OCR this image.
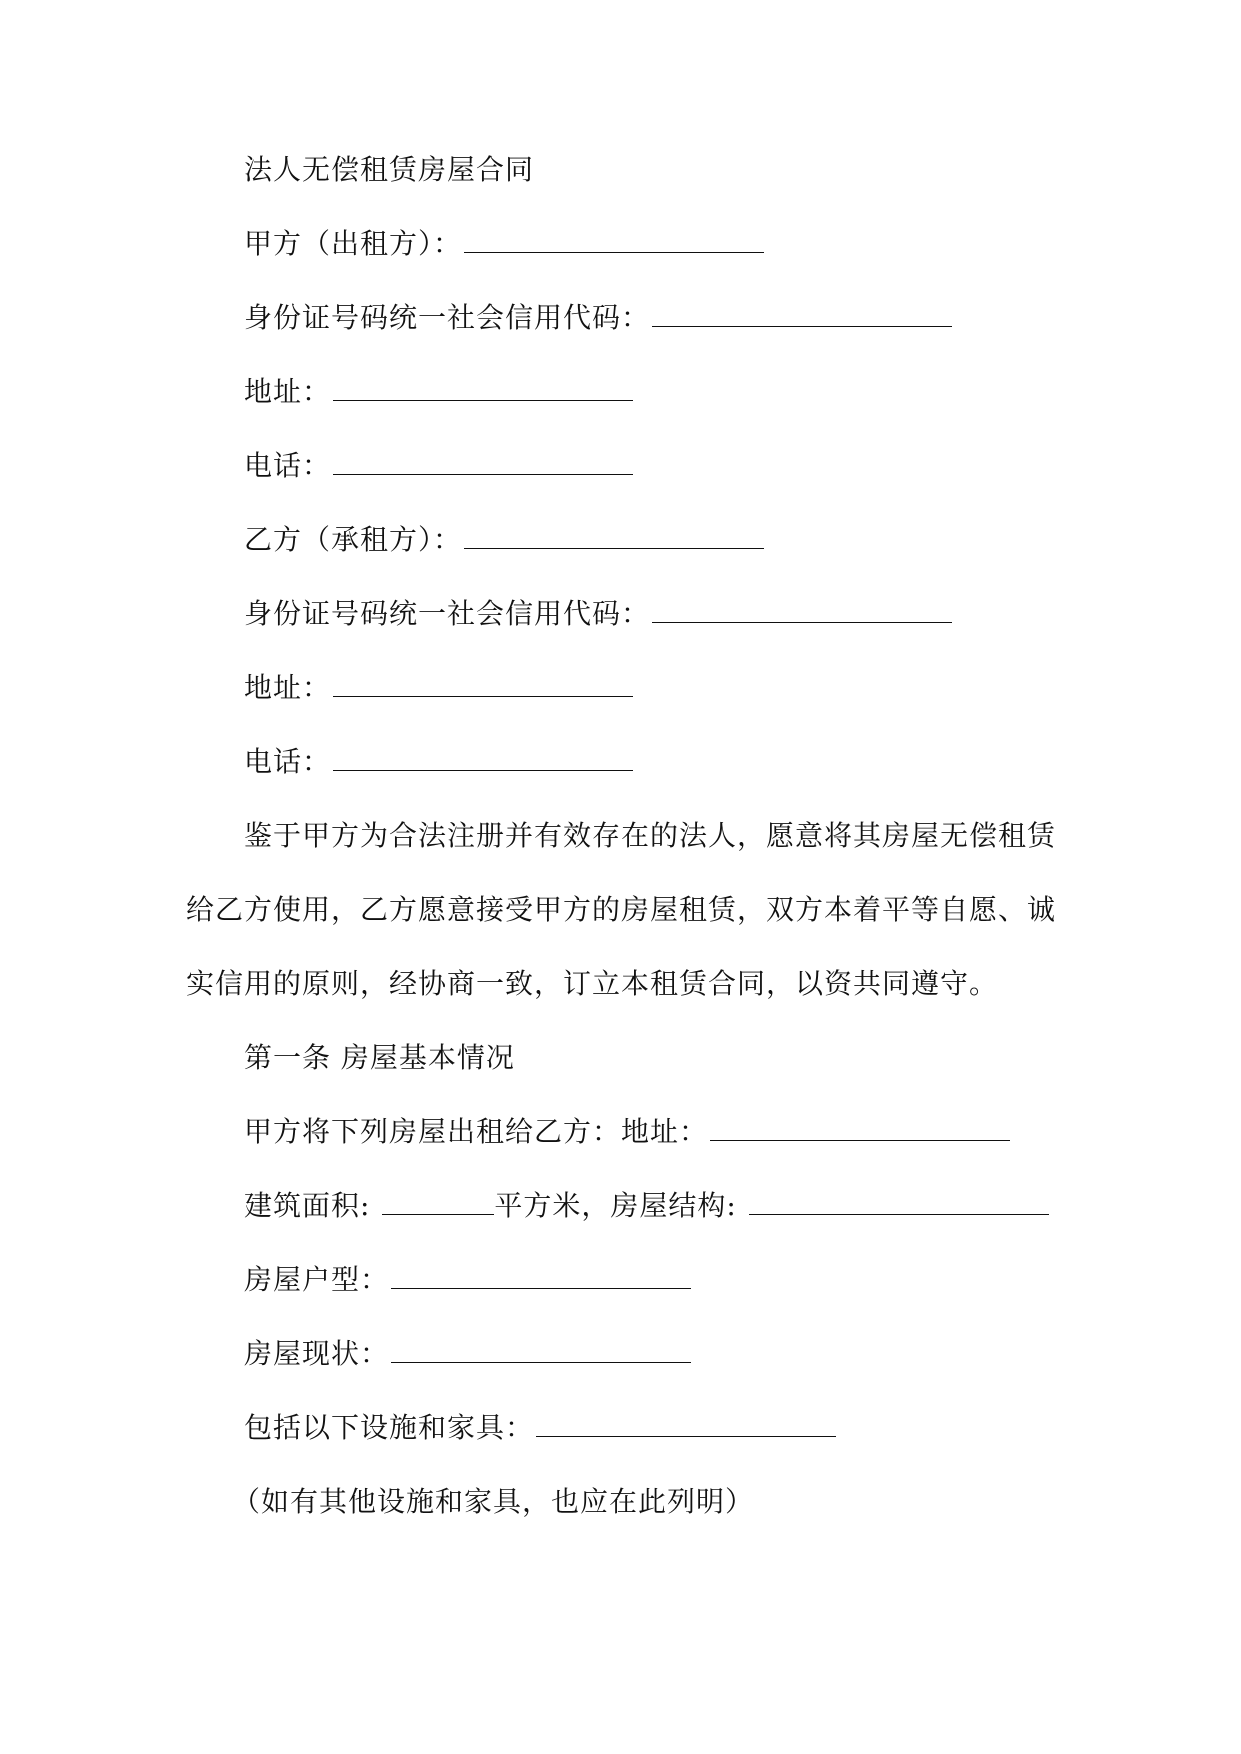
法人无偿租赁房屋合同
甲方（出租方）：
身份证号码统一社会信用代码：
地址：
电话：
乙方（承租方）：
身份证号码统一社会信用代码：
地址：
电话：
鉴于甲方为合法注册并有效存在的法人，愿意将其房屋无偿租赁
给乙方使用，乙方愿意接受甲方的房屋租赁，双方本着平等自愿、诚
实信用的原则，经协商一致，订立本租赁合同，以资共同遵守。
第一条 房屋基本情况
甲方将下列房屋出租给乙方：地址：
建筑面积:	平方米，房屋结构:
房屋户型：
房屋现状：
包括以下设施和家具：
（如有其他设施和家具，也应在此列明）
